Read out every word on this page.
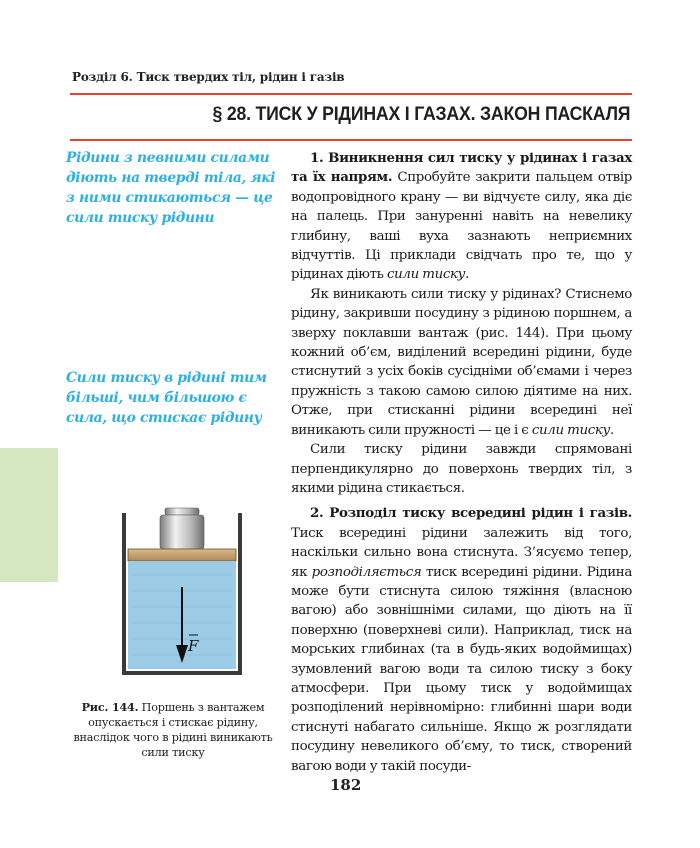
Розділ 6. Тиск твердих тіл, рідин і газів
§ 28. ТИСК У РІДИНАХ І ГАЗАХ. ЗАКОН ПАСКАЛЯ
Рідини з певними силами діють на тверді тіла, які з ними стикаються — це сили тиску рідини
Сили тиску в рідині тим більші, чим більшою є сила, що стискає рідину

1. Виникнення сил тиску у рідинах і газах та їх напрям. Спробуйте закрити пальцем отвір водопровідного крану — ви відчуєте силу, яка діє на палець. При зануренні навіть на невелику глибину, ваші вуха зазнають неприємних відчуттів. Ці приклади свідчать про те, що у рідинах діють сили тиску.

Як виникають сили тиску у рідинах? Стиснемо рідину, закривши посудину з рідиною поршнем, а зверху поклавши вантаж (рис. 144). При цьому кожний об’єм, виділений всередині рідини, буде стиснутий з усіх боків сусідніми об’ємами і через пружність з такою самою силою діятиме на них. Отже, при стисканні рідини всередині неї виникають сили пружності — це і є сили тиску.

Сили тиску рідини завжди спрямовані перпендикулярно до поверхонь твердих тіл, з якими рідина стикається.

2. Розподіл тиску всередині рідин і газів. Тиск всередині рідини залежить від того, наскільки сильно вона стиснута. З’ясуємо тепер, як розподіляється тиск всередині рідини. Рідина може бути стиснута силою тяжіння (власною вагою) або зовнішніми силами, що діють на її поверхню (поверхневі сили). Наприклад, тиск на морських глибинах (та в будь-яких водоймищах) зумовлений вагою води та силою тиску з боку атмосфери. При цьому тиск у водоймищах розподілений нерівномірно: глибинні шари води стиснуті набагато сильніше. Якщо ж розглядати посудину невеликого об’єму, то тиск, створений вагою води у такій посуди-

F
Рис. 144. Поршень з вантажем опускається і стискає рідину, внаслідок чого в рідині виникають сили тиску
182
